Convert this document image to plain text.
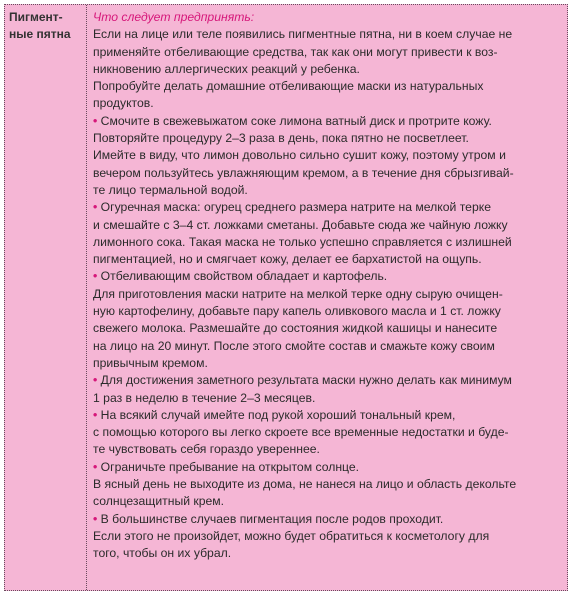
Пигмент-
ные пятна
Что следует предпринять:
Если на лице или теле появились пигментные пятна, ни в коем случае не
применяйте отбеливающие средства, так как они могут привести к воз-
никновению аллергических реакций у ребенка.
Попробуйте делать домашние отбеливающие маски из натуральных
продуктов.
• Смочите в свежевыжатом соке лимона ватный диск и протрите кожу.
Повторяйте процедуру 2–3 раза в день, пока пятно не посветлеет.
Имейте в виду, что лимон довольно сильно сушит кожу, поэтому утром и
вечером пользуйтесь увлажняющим кремом, а в течение дня сбрызгивай-
те лицо термальной водой.
• Огуречная маска: огурец среднего размера натрите на мелкой терке
и смешайте с 3–4 ст. ложками сметаны. Добавьте сюда же чайную ложку
лимонного сока. Такая маска не только успешно справляется с излишней
пигментацией, но и смягчает кожу, делает ее бархатистой на ощупь.
• Отбеливающим свойством обладает и картофель.
Для приготовления маски натрите на мелкой терке одну сырую очищен-
ную картофелину, добавьте пару капель оливкового масла и 1 ст. ложку
свежего молока. Размешайте до состояния жидкой кашицы и нанесите
на лицо на 20 минут. После этого смойте состав и смажьте кожу своим
привычным кремом.
• Для достижения заметного результата маски нужно делать как минимум
1 раз в неделю в течение 2–3 месяцев.
• На всякий случай имейте под рукой хороший тональный крем,
с помощью которого вы легко скроете все временные недостатки и буде-
те чувствовать себя гораздо увереннее.
• Ограничьте пребывание на открытом солнце.
В ясный день не выходите из дома, не нанеся на лицо и область декольте
солнцезащитный крем.
• В большинстве случаев пигментация после родов проходит.
Если этого не произойдет, можно будет обратиться к косметологу для
того, чтобы он их убрал.
